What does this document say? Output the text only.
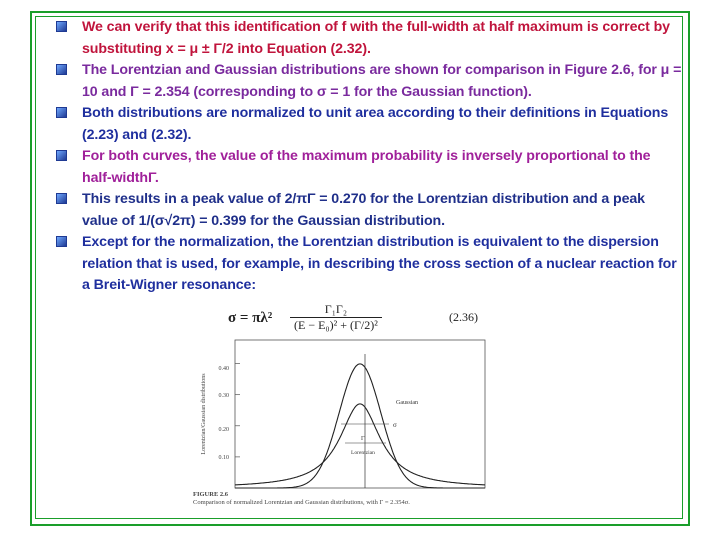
We can verify that this identification of f with the full-width at half maximum is correct by substituting x = μ ± Γ/2 into Equation (2.32).
The Lorentzian and Gaussian distributions are shown for comparison in Figure 2.6, for μ = 10 and Γ = 2.354 (corresponding to σ = 1 for the Gaussian function).
Both distributions are normalized to unit area according to their definitions in Equations (2.23) and (2.32).
For both curves, the value of the maximum probability is inversely proportional to the half-widthΓ.
This results in a peak value of 2/πΓ = 0.270 for the Lorentzian distribution and a peak value of 1/(σ√2π) = 0.399 for the Gaussian distribution.
Except for the normalization, the Lorentzian distribution is equivalent to the dispersion relation that is used, for example, in describing the cross section of a nuclear reaction for a Breit-Wigner resonance:
$\sigma = \pi\lambda^2 \frac{\text{Γ₁Γ₂}}{\text{(E − E₀)² + (Γ/2)²}}$	(2.36)
Lorentzian/Gaussian distributions
0.40
0.30
0.20
0.10
Gaussian
σ
Γ
Lorentzian
FIGURE 2.6
Comparison of normalized Lorentzian and Gaussian distributions, with Γ = 2.354σ.
